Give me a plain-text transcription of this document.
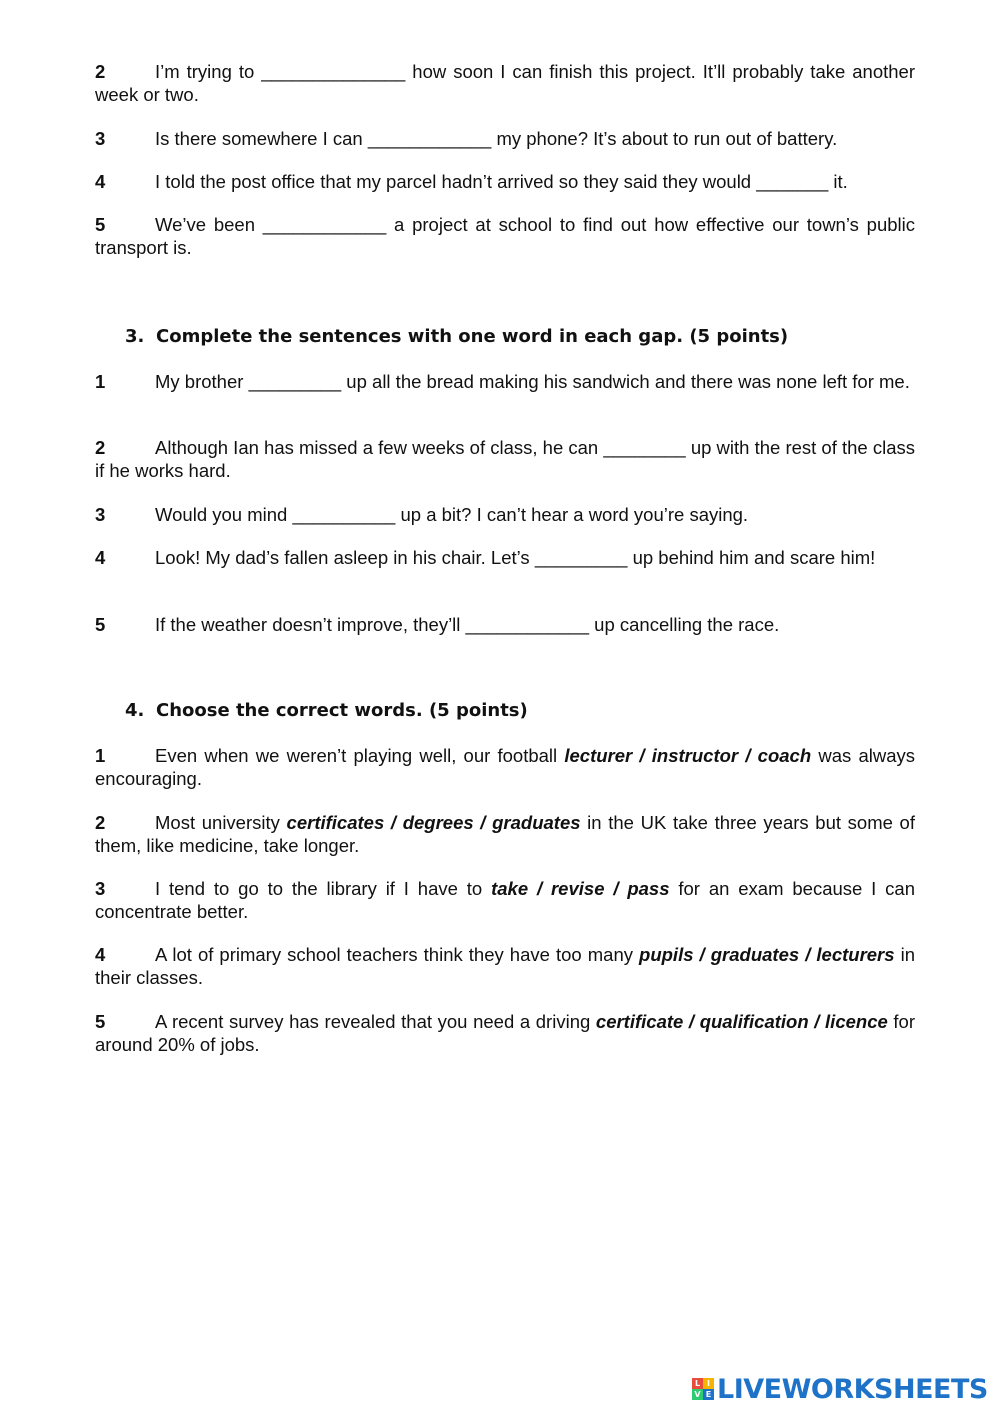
2	I’m trying to ______________ how soon I can finish this project. It’ll probably take another week or two.

3	Is there somewhere I can ____________ my phone? It’s about to run out of battery.

4	I told the post office that my parcel hadn’t arrived so they said they would _______ it.

5	We’ve been ____________ a project at school to find out how effective our town’s public transport is.

3. Complete the sentences with one word in each gap. (5 points)

1	My brother _________ up all the bread making his sandwich and there was none left for me.

2	Although Ian has missed a few weeks of class, he can ________ up with the rest of the class if he works hard.

3	Would you mind __________ up a bit? I can’t hear a word you’re saying.

4	Look! My dad’s fallen asleep in his chair. Let’s _________ up behind him and scare him!

5	If the weather doesn’t improve, they’ll ____________ up cancelling the race.

4. Choose the correct words. (5 points)

1	Even when we weren’t playing well, our football lecturer / instructor / coach was always encouraging.

2	Most university certificates / degrees / graduates in the UK take three years but some of them, like medicine, take longer.

3	I tend to go to the library if I have to take / revise / pass for an exam because I can concentrate better.

4	A lot of primary school teachers think they have too many pupils / graduates / lecturers in their classes.

5	A recent survey has revealed that you need a driving certificate / qualification / licence for around 20% of jobs.

L I
V E LIVEWORKSHEETS
